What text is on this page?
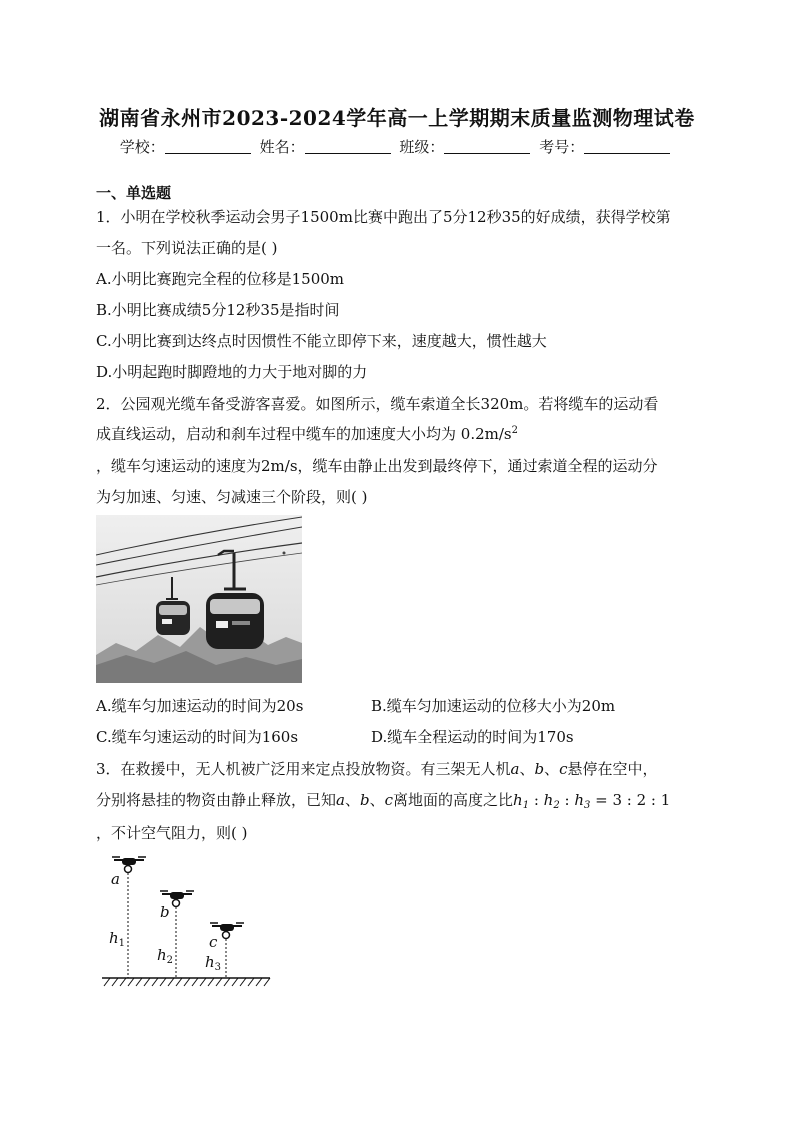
湖南省永州市2023-2024学年高一上学期期末质量监测物理试卷
学校：	姓名：	班级：	考号：
一、单选题
1．小明在学校秋季运动会男子1500m比赛中跑出了5分12秒35的好成绩，获得学校第
一名。下列说法正确的是( )
A.小明比赛跑完全程的位移是1500m
B.小明比赛成绩5分12秒35是指时间
C.小明比赛到达终点时因惯性不能立即停下来，速度越大，惯性越大
D.小明起跑时脚蹬地的力大于地对脚的力
2．公园观光缆车备受游客喜爱。如图所示，缆车索道全长320m。若将缆车的运动看
成直线运动，启动和刹车过程中缆车的加速度大小均为 $0.2m/s^2$
，缆车匀速运动的速度为2m/s，缆车由静止出发到最终停下，通过索道全程的运动分
为匀加速、匀速、匀减速三个阶段，则( )
A.缆车匀加速运动的时间为20s	B.缆车匀加速运动的位移大小为20m
C.缆车匀速运动的时间为160s	D.缆车全程运动的时间为170s
3．在救援中，无人机被广泛用来定点投放物资。有三架无人机a、b、c悬停在空中，
分别将悬挂的物资由静止释放，已知a、b、c离地面的高度之比$h_1$ : $h_2$ : $h_3 = 3$ : 2 : 1
，不计空气阻力，则( )
a
b
c
$h_1$
$h_2$ $h_3$
